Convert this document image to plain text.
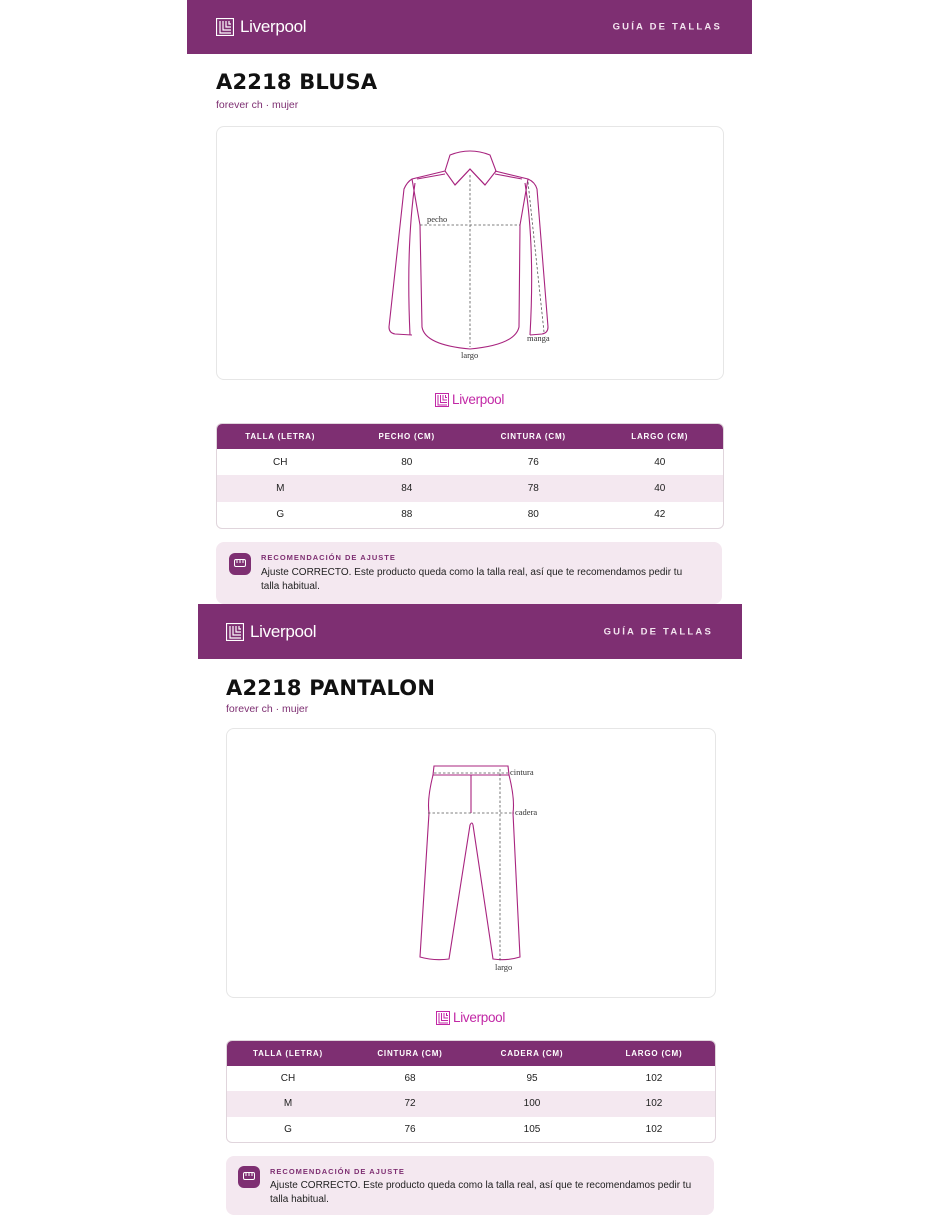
Liverpool	GUÍA DE TALLAS
A2218 BLUSA
forever ch · mujer
pecho
largo
manga
Liverpool
TALLA (LETRA)	PECHO (CM)	CINTURA (CM)	LARGO (CM)
CH	80	76	40
M	84	78	40
G	88	80	42
RECOMENDACIÓN DE AJUSTE
Ajuste CORRECTO. Este producto queda como la talla real, así que te recomendamos pedir tu talla habitual.
Liverpool	GUÍA DE TALLAS
A2218 PANTALON
forever ch · mujer
cintura
cadera
largo
Liverpool
TALLA (LETRA)	CINTURA (CM)	CADERA (CM)	LARGO (CM)
CH	68	95	102
M	72	100	102
G	76	105	102
RECOMENDACIÓN DE AJUSTE
Ajuste CORRECTO. Este producto queda como la talla real, así que te recomendamos pedir tu talla habitual.
